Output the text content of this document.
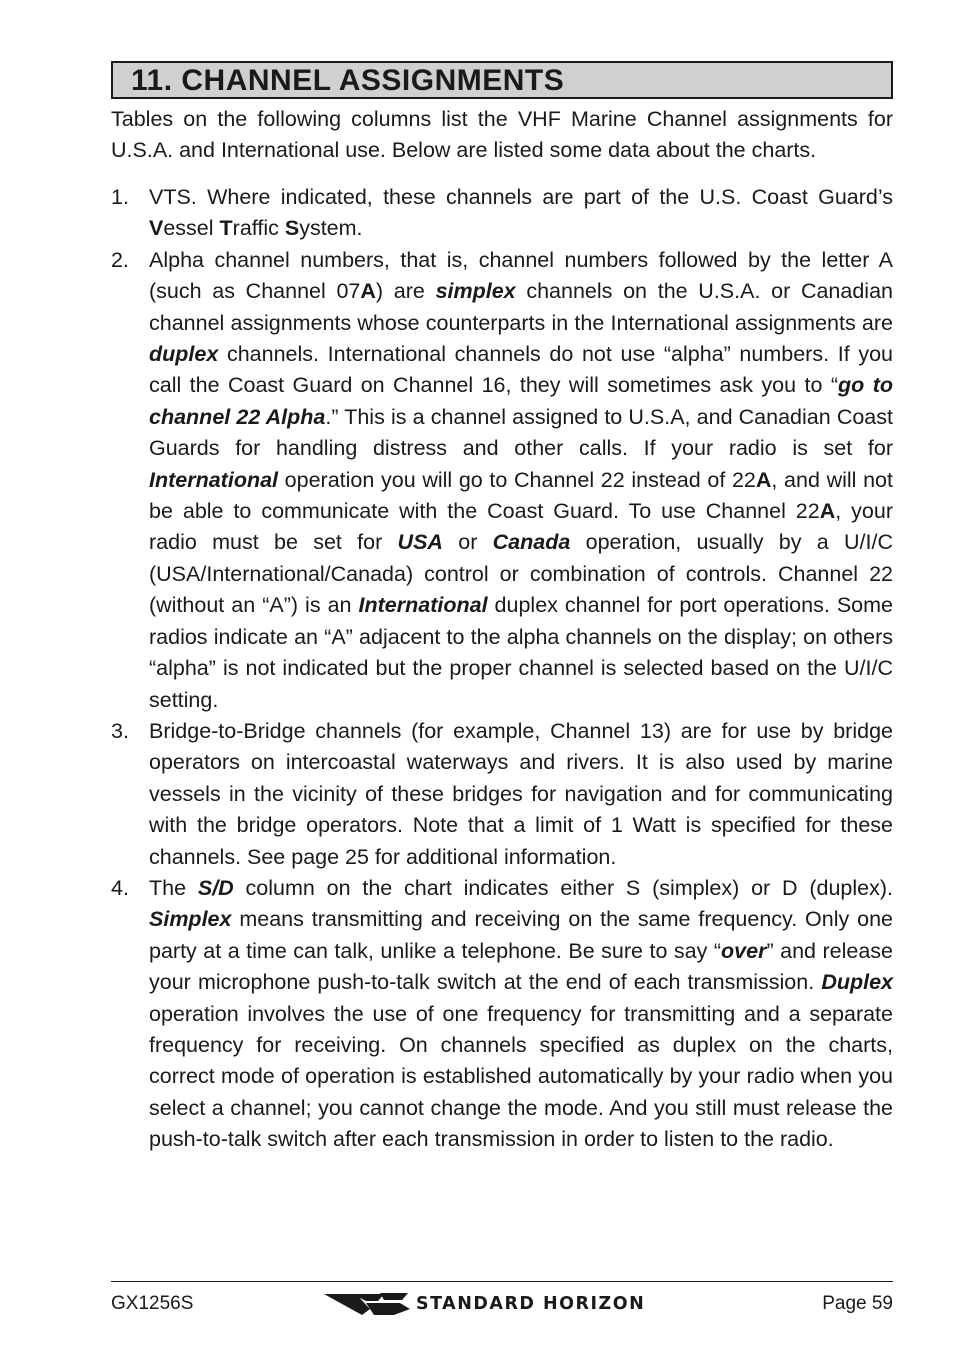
11. CHANNEL ASSIGNMENTS

Tables on the following columns list the VHF Marine Channel assignments for U.S.A. and International use. Below are listed some data about the charts.

1. VTS. Where indicated, these channels are part of the U.S. Coast Guard’s Vessel Traffic System.
2. Alpha channel numbers, that is, channel numbers followed by the letter A (such as Channel 07A) are simplex channels on the U.S.A. or Canadian channel assignments whose counterparts in the International assignments are duplex channels. International channels do not use “alpha” numbers. If you call the Coast Guard on Channel 16, they will sometimes ask you to “go to channel 22 Alpha.” This is a channel assigned to U.S.A, and Canadian Coast Guards for handling distress and other calls. If your radio is set for International operation you will go to Channel 22 instead of 22A, and will not be able to communicate with the Coast Guard. To use Channel 22A, your radio must be set for USA or Canada operation, usually by a U/I/C (USA/International/Canada) control or combination of controls. Channel 22 (without an “A”) is an International duplex channel for port operations. Some radios indicate an “A” adjacent to the alpha channels on the display; on others “alpha” is not indicated but the proper channel is selected based on the U/I/C setting.
3. Bridge-to-Bridge channels (for example, Channel 13) are for use by bridge operators on intercoastal waterways and rivers. It is also used by marine vessels in the vicinity of these bridges for navigation and for communicating with the bridge operators. Note that a limit of 1 Watt is specified for these channels. See page 25 for additional information.
4. The S/D column on the chart indicates either S (simplex) or D (duplex). Simplex means transmitting and receiving on the same frequency. Only one party at a time can talk, unlike a telephone. Be sure to say “over” and release your microphone push-to-talk switch at the end of each transmission. Duplex operation involves the use of one frequency for transmitting and a separate frequency for receiving. On channels specified as duplex on the charts, correct mode of operation is established automatically by your radio when you select a channel; you cannot change the mode. And you still must release the push-to-talk switch after each transmission in order to listen to the radio.
GX1256S	STANDARD HORIZON	Page 59
